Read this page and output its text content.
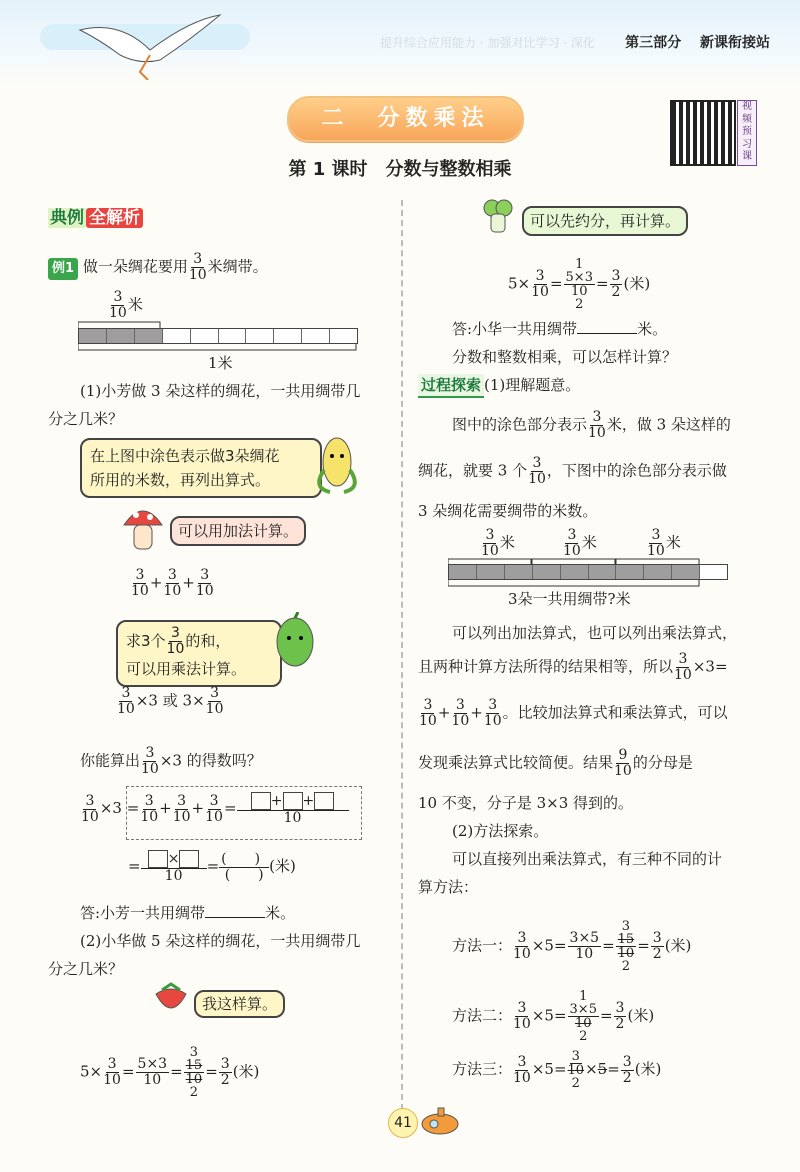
第三部分 新课衔接站
提升综合应用能力 · 加强对比学习 · 深化
二　分数乘法	视频预习课
第 1 课时　分数与整数相乘
典例 全解析
例1 做一朵绸花要用 $\frac{3}{10}$ 米绸带。
$\frac{3}{10}$ 米
1米
(1)小芳做 3 朵这样的绸花，一共用绸带几
分之几米？
在上图中涂色表示做3朵绸花
所用的米数，再列出算式。
可以用加法计算。
$\frac{3}{10} + \frac{3}{10} + \frac{3}{10}$
求3个 $\frac{3}{10}$ 的和，
可以用乘法计算。
$\frac{3}{10} \times 3$ 或 $3\times \frac{3}{10}$
你能算出 $\frac{3}{10} \times 3$ 的得数吗？
$\frac{3}{10} \times 3 = \frac{3}{10} + \frac{3}{10} + \frac{3}{10} = \frac{+ +}{10}$
= $\frac{\times}{10} = \frac{( )}{( )}$ (米)
答:小芳一共用绸带	米。
(2)小华做 5 朵这样的绸花，一共用绸带几
分之几米？
我这样算。
$5\times \frac{3}{10} = \frac{5\times 3}{10}$ =
3
15
10
2
= $\frac{3}{2}$ (米)
可以先约分，再计算。
$5\times \frac{3}{10}$ =
1
5×3
10
2
= $\frac{3}{2}$ (米)
答:小华一共用绸带	米。
分数和整数相乘，可以怎样计算？
过程探索 (1)理解题意。
图中的涂色部分表示 $\frac{3}{10}$ 米，做 3 朵这样的
绸花，就要 3 个 $\frac{3}{10}$ ，下图中的涂色部分表示做
3 朵绸花需要绸带的米数。
$\frac{3}{10}$ 米	$\frac{3}{10}$ 米	$\frac{3}{10}$ 米
3朵一共用绸带?米
可以列出加法算式，也可以列出乘法算式，
且两种计算方法所得的结果相等，所以 $\frac{3}{10} \times 3=$
$\frac{3}{10} + \frac{3}{10} + \frac{3}{10}$ 。比较加法算式和乘法算式，可以
发现乘法算式比较简便。结果 $\frac{9}{10}$ 的分母是
10 不变，分子是 3×3 得到的。
(2)方法探索。
可以直接列出乘法算式，有三种不同的计
算方法：
方法一： $\frac{3}{10} \times 5= \frac{3\times 5}{10}$ =
3
15
10
2
= $\frac{3}{2}$ (米)
方法二： $\frac{3}{10} \times 5=$
1
3×5
10
2
= $\frac{3}{2}$ (米)
方法三： $\frac{3}{10} \times 5=$
3
10
2
$\times 5= \frac{3}{2}$ (米)
41
